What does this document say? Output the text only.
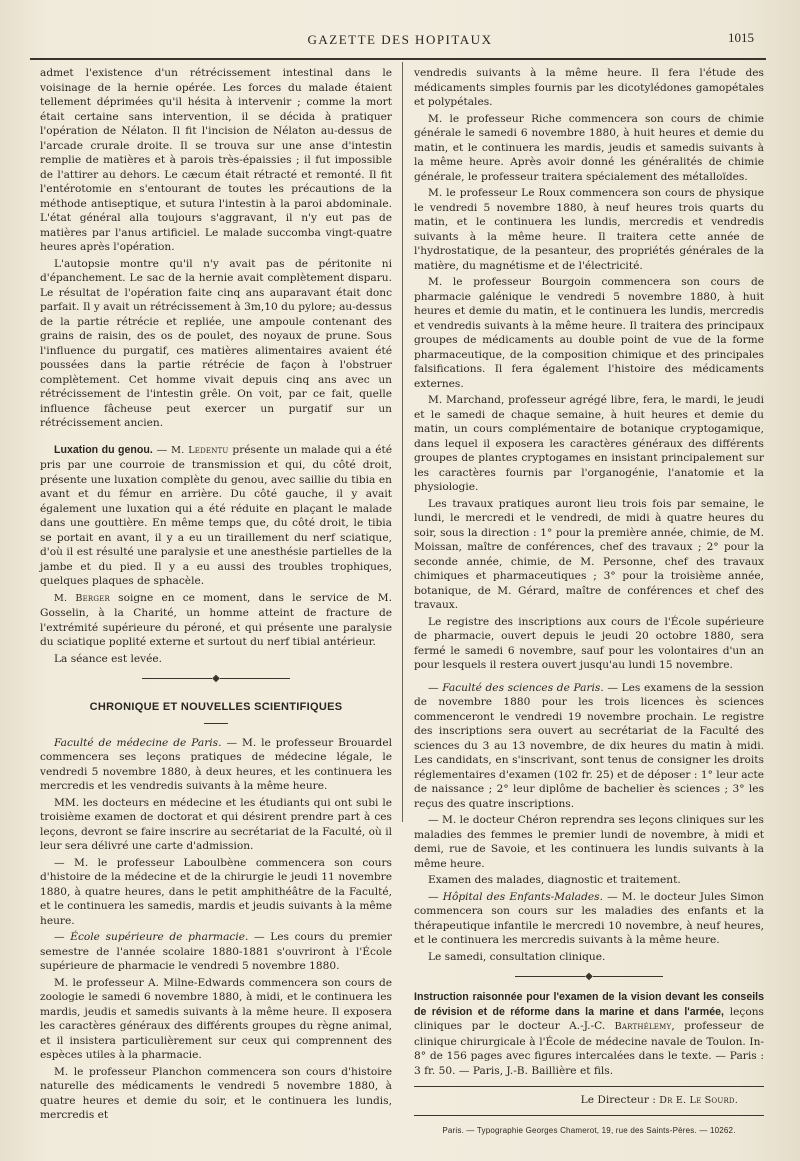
GAZETTE DES HOPITAUX	1015

admet l'existence d'un rétrécissement intestinal dans le voisinage de la hernie opérée. Les forces du malade étaient tellement déprimées qu'il hésita à intervenir ; comme la mort était certaine sans intervention, il se décida à pratiquer l'opération de Nélaton. Il fit l'incision de Nélaton au-dessus de l'arcade crurale droite. Il se trouva sur une anse d'intestin remplie de matières et à parois très-épaissies ; il fut impossible de l'attirer au dehors. Le cæcum était rétracté et remonté. Il fit l'entérotomie en s'entourant de toutes les précautions de la méthode antiseptique, et sutura l'intestin à la paroi abdominale. L'état général alla toujours s'aggravant, il n'y eut pas de matières par l'anus artificiel. Le malade succomba vingt-quatre heures après l'opération.

L'autopsie montre qu'il n'y avait pas de péritonite ni d'épanchement. Le sac de la hernie avait complètement disparu. Le résultat de l'opération faite cinq ans auparavant était donc parfait. Il y avait un rétrécissement à 3m,10 du pylore; au-dessus de la partie rétrécie et repliée, une ampoule contenant des grains de raisin, des os de poulet, des noyaux de prune. Sous l'influence du purgatif, ces matières alimentaires avaient été poussées dans la partie rétrécie de façon à l'obstruer complètement. Cet homme vivait depuis cinq ans avec un rétrécissement de l'intestin grêle. On voit, par ce fait, quelle influence fâcheuse peut exercer un purgatif sur un rétrécissement ancien.

Luxation du genou. — M. Ledentu présente un malade qui a été pris par une courroie de transmission et qui, du côté droit, présente une luxation complète du genou, avec saillie du tibia en avant et du fémur en arrière. Du côté gauche, il y avait également une luxation qui a été réduite en plaçant le malade dans une gouttière. En même temps que, du côté droit, le tibia se portait en avant, il y a eu un tiraillement du nerf sciatique, d'où il est résulté une paralysie et une anesthésie partielles de la jambe et du pied. Il y a eu aussi des troubles trophiques, quelques plaques de sphacèle.

M. Berger soigne en ce moment, dans le service de M. Gosselin, à la Charité, un homme atteint de fracture de l'extrémité supérieure du péroné, et qui présente une paralysie du sciatique poplité externe et surtout du nerf tibial antérieur.

La séance est levée.

◆
CHRONIQUE ET NOUVELLES SCIENTIFIQUES

Faculté de médecine de Paris. — M. le professeur Brouardel commencera ses leçons pratiques de médecine légale, le vendredi 5 novembre 1880, à deux heures, et les continuera les mercredis et les vendredis suivants à la même heure.

MM. les docteurs en médecine et les étudiants qui ont subi le troisième examen de doctorat et qui désirent prendre part à ces leçons, devront se faire inscrire au secrétariat de la Faculté, où il leur sera délivré une carte d'admission.

— M. le professeur Laboulbène commencera son cours d'histoire de la médecine et de la chirurgie le jeudi 11 novembre 1880, à quatre heures, dans le petit amphithéâtre de la Faculté, et le continuera les samedis, mardis et jeudis suivants à la même heure.

— École supérieure de pharmacie. — Les cours du premier semestre de l'année scolaire 1880-1881 s'ouvriront à l'École supérieure de pharmacie le vendredi 5 novembre 1880.

M. le professeur A. Milne-Edwards commencera son cours de zoologie le samedi 6 novembre 1880, à midi, et le continuera les mardis, jeudis et samedis suivants à la même heure. Il exposera les caractères généraux des différents groupes du règne animal, et il insistera particulièrement sur ceux qui comprennent des espèces utiles à la pharmacie.

M. le professeur Planchon commencera son cours d'histoire naturelle des médicaments le vendredi 5 novembre 1880, à quatre heures et demie du soir, et le continuera les lundis, mercredis et

vendredis suivants à la même heure. Il fera l'étude des médicaments simples fournis par les dicotylédones gamopétales et polypétales.

M. le professeur Riche commencera son cours de chimie générale le samedi 6 novembre 1880, à huit heures et demie du matin, et le continuera les mardis, jeudis et samedis suivants à la même heure. Après avoir donné les généralités de chimie générale, le professeur traitera spécialement des métalloïdes.

M. le professeur Le Roux commencera son cours de physique le vendredi 5 novembre 1880, à neuf heures trois quarts du matin, et le continuera les lundis, mercredis et vendredis suivants à la même heure. Il traitera cette année de l'hydrostatique, de la pesanteur, des propriétés générales de la matière, du magnétisme et de l'électricité.

M. le professeur Bourgoin commencera son cours de pharmacie galénique le vendredi 5 novembre 1880, à huit heures et demie du matin, et le continuera les lundis, mercredis et vendredis suivants à la même heure. Il traitera des principaux groupes de médicaments au double point de vue de la forme pharmaceutique, de la composition chimique et des principales falsifications. Il fera également l'histoire des médicaments externes.

M. Marchand, professeur agrégé libre, fera, le mardi, le jeudi et le samedi de chaque semaine, à huit heures et demie du matin, un cours complémentaire de botanique cryptogamique, dans lequel il exposera les caractères généraux des différents groupes de plantes cryptogames en insistant principalement sur les caractères fournis par l'organogénie, l'anatomie et la physiologie.

Les travaux pratiques auront lieu trois fois par semaine, le lundi, le mercredi et le vendredi, de midi à quatre heures du soir, sous la direction : 1° pour la première année, chimie, de M. Moissan, maître de conférences, chef des travaux ; 2° pour la seconde année, chimie, de M. Personne, chef des travaux chimiques et pharmaceutiques ; 3° pour la troisième année, botanique, de M. Gérard, maître de conférences et chef des travaux.

Le registre des inscriptions aux cours de l'École supérieure de pharmacie, ouvert depuis le jeudi 20 octobre 1880, sera fermé le samedi 6 novembre, sauf pour les volontaires d'un an pour lesquels il restera ouvert jusqu'au lundi 15 novembre.

— Faculté des sciences de Paris. — Les examens de la session de novembre 1880 pour les trois licences ès sciences commenceront le vendredi 19 novembre prochain. Le registre des inscriptions sera ouvert au secrétariat de la Faculté des sciences du 3 au 13 novembre, de dix heures du matin à midi. Les candidats, en s'inscrivant, sont tenus de consigner les droits réglementaires d'examen (102 fr. 25) et de déposer : 1° leur acte de naissance ; 2° leur diplôme de bachelier ès sciences ; 3° les reçus des quatre inscriptions.

— M. le docteur Chéron reprendra ses leçons cliniques sur les maladies des femmes le premier lundi de novembre, à midi et demi, rue de Savoie, et les continuera les lundis suivants à la même heure.

Examen des malades, diagnostic et traitement.

— Hôpital des Enfants-Malades. — M. le docteur Jules Simon commencera son cours sur les maladies des enfants et la thérapeutique infantile le mercredi 10 novembre, à neuf heures, et le continuera les mercredis suivants à la même heure.

Le samedi, consultation clinique.

◆

Instruction raisonnée pour l'examen de la vision devant les conseils de révision et de réforme dans la marine et dans l'armée, leçons cliniques par le docteur A.-J.-C. Barthélemy, professeur de clinique chirurgicale à l'École de médecine navale de Toulon. In-8° de 156 pages avec figures intercalées dans le texte. — Paris : 3 fr. 50. — Paris, J.-B. Baillière et fils.

Le Directeur : Dr E. Le Sourd.
Paris. — Typographie Georges Chamerot, 19, rue des Saints-Pères. — 10262.
